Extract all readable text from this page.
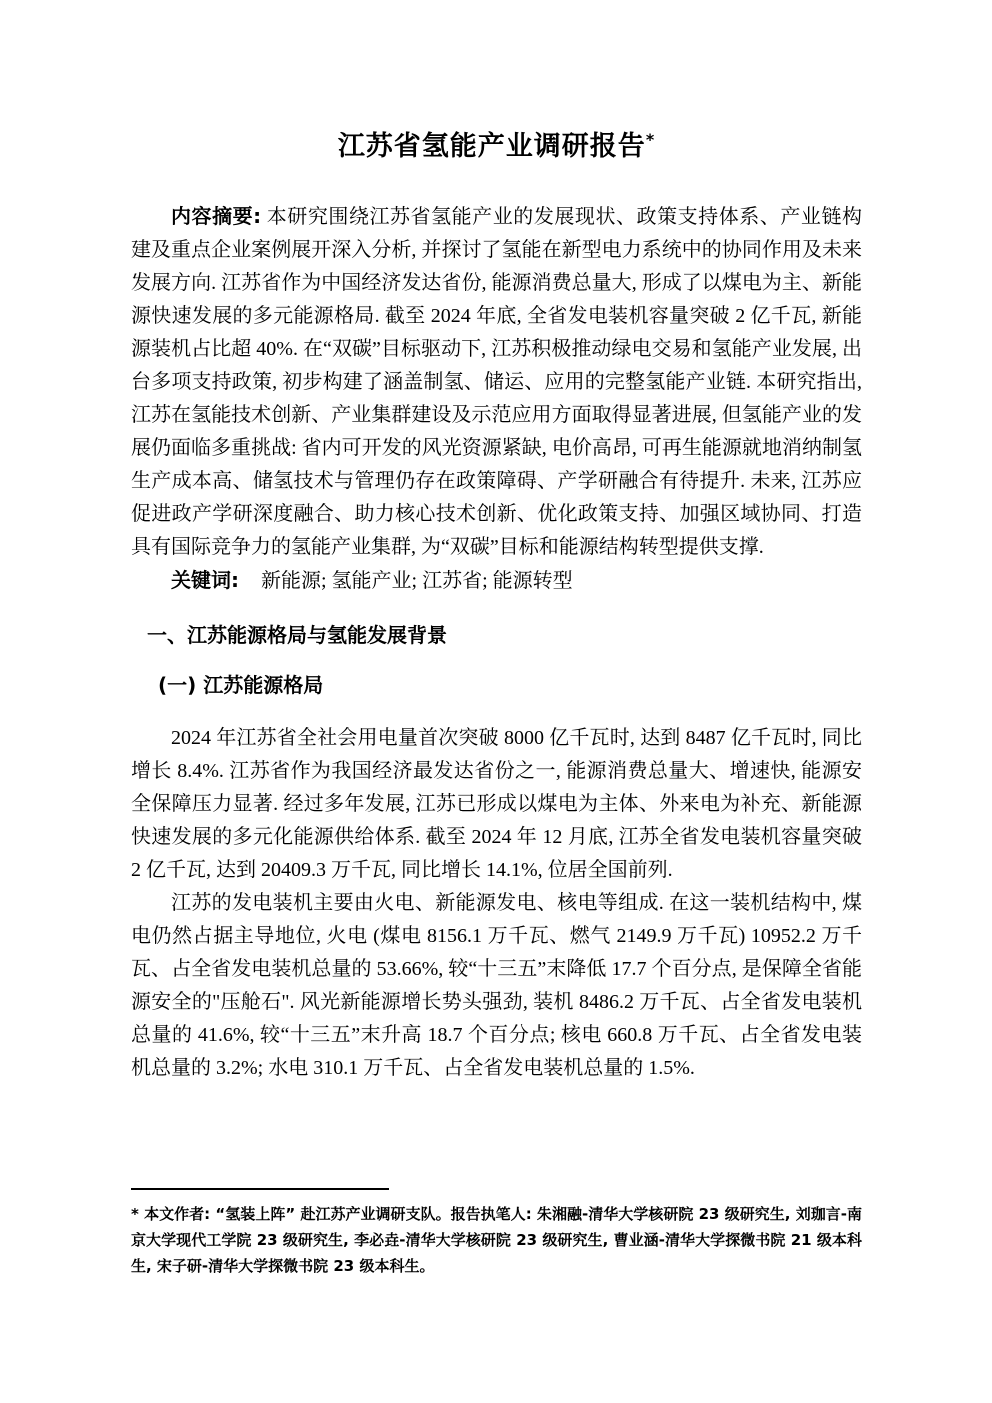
江苏省氢能产业调研报告*

内容摘要: 本研究围绕江苏省氢能产业的发展现状、政策支持体系、产业链构建及重点企业案例展开深入分析, 并探讨了氢能在新型电力系统中的协同作用及未来发展方向. 江苏省作为中国经济发达省份, 能源消费总量大, 形成了以煤电为主、新能源快速发展的多元能源格局. 截至 2024 年底, 全省发电装机容量突破 2 亿千瓦, 新能源装机占比超 40%. 在“双碳”目标驱动下, 江苏积极推动绿电交易和氢能产业发展, 出台多项支持政策, 初步构建了涵盖制氢、储运、应用的完整氢能产业链. 本研究指出, 江苏在氢能技术创新、产业集群建设及示范应用方面取得显著进展, 但氢能产业的发展仍面临多重挑战: 省内可开发的风光资源紧缺, 电价高昂, 可再生能源就地消纳制氢生产成本高、储氢技术与管理仍存在政策障碍、产学研融合有待提升. 未来, 江苏应促进政产学研深度融合、助力核心技术创新、优化政策支持、加强区域协同、打造具有国际竞争力的氢能产业集群, 为“双碳”目标和能源结构转型提供支撑.

关键词: 新能源; 氢能产业; 江苏省; 能源转型

一、江苏能源格局与氢能发展背景
(一) 江苏能源格局

2024 年江苏省全社会用电量首次突破 8000 亿千瓦时, 达到 8487 亿千瓦时, 同比增长 8.4%. 江苏省作为我国经济最发达省份之一, 能源消费总量大、增速快, 能源安全保障压力显著. 经过多年发展, 江苏已形成以煤电为主体、外来电为补充、新能源快速发展的多元化能源供给体系. 截至 2024 年 12 月底, 江苏全省发电装机容量突破 2 亿千瓦, 达到 20409.3 万千瓦, 同比增长 14.1%, 位居全国前列.

江苏的发电装机主要由火电、新能源发电、核电等组成. 在这一装机结构中, 煤电仍然占据主导地位, 火电 (煤电 8156.1 万千瓦、燃气 2149.9 万千瓦) 10952.2 万千瓦、占全省发电装机总量的 53.66%, 较“十三五”末降低 17.7 个百分点, 是保障全省能源安全的"压舱石". 风光新能源增长势头强劲, 装机 8486.2 万千瓦、占全省发电装机总量的 41.6%, 较“十三五”末升高 18.7 个百分点; 核电 660.8 万千瓦、占全省发电装机总量的 3.2%; 水电 310.1 万千瓦、占全省发电装机总量的 1.5%.

* 本文作者: “氢装上阵” 赴江苏产业调研支队。报告执笔人: 朱湘融-清华大学核研院 23 级研究生, 刘珈言-南京大学现代工学院 23 级研究生, 李必垚-清华大学核研院 23 级研究生, 曹业涵-清华大学探微书院 21 级本科生, 宋子研-清华大学探微书院 23 级本科生。
